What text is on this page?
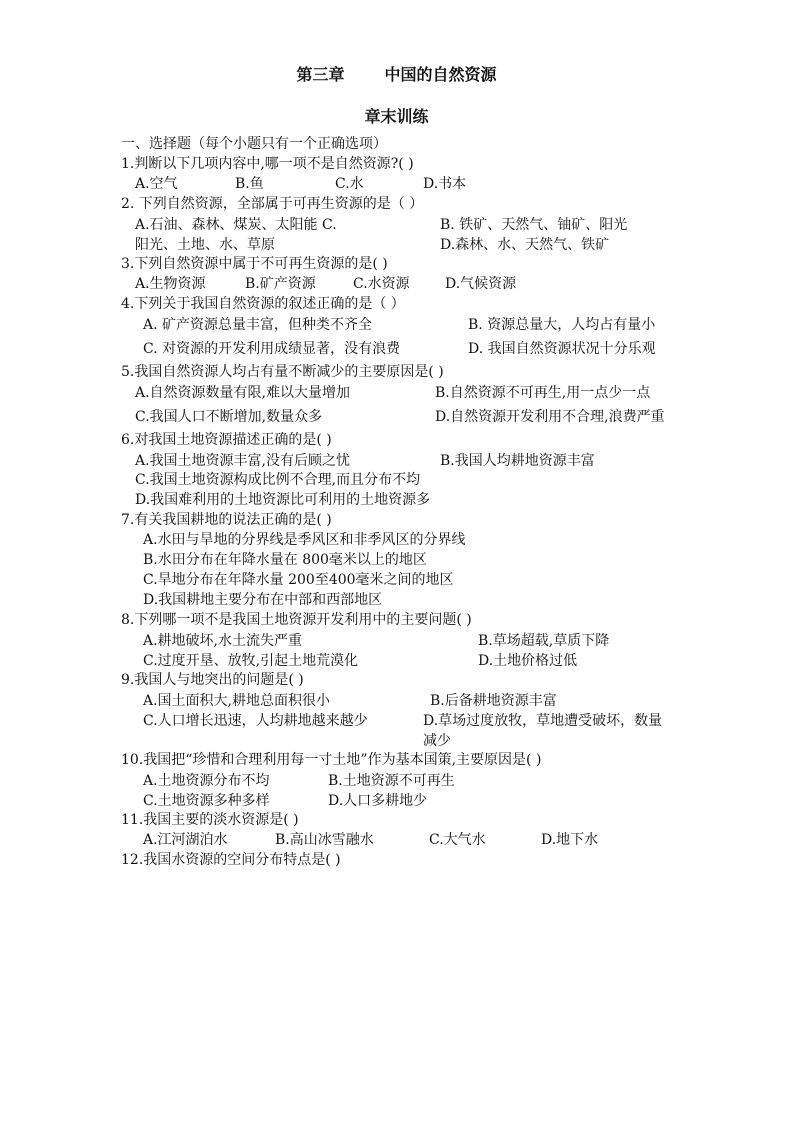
第三章	中国的自然资源
章末训练
一、选择题（每个小题只有一个正确选项）
1.判断以下几项内容中,哪一项不是自然资源?( )
A.空气	B.鱼	C.水	D.书本
2. 下列自然资源，全部属于可再生资源的是（ ）
A.石油、森林、煤炭、太阳能 C.	B. 铁矿、天然气、铀矿、阳光
阳光、土地、水、草原	D.森林、水、天然气、铁矿
3.下列自然资源中属于不可再生资源的是( )
A.生物资源	B.矿产资源	C.水资源	D.气候资源
4.下列关于我国自然资源的叙述正确的是（ ）
A. 矿产资源总量丰富，但种类不齐全	B. 资源总量大，人均占有量小
C. 对资源的开发利用成绩显著，没有浪费	D. 我国自然资源状况十分乐观
5.我国自然资源人均占有量不断减少的主要原因是( )
A.自然资源数量有限,难以大量增加	B.自然资源不可再生,用一点少一点
C.我国人口不断增加,数量众多	D.自然资源开发利用不合理,浪费严重
6.对我国土地资源描述正确的是( )
A.我国土地资源丰富,没有后顾之忧	B.我国人均耕地资源丰富
C.我国土地资源构成比例不合理,而且分布不均
D.我国难利用的土地资源比可利用的土地资源多
7.有关我国耕地的说法正确的是( )
A.水田与旱地的分界线是季风区和非季风区的分界线
B.水田分布在年降水量在 800毫米以上的地区
C.旱地分布在年降水量 200至400毫米之间的地区
D.我国耕地主要分布在中部和西部地区
8.下列哪一项不是我国土地资源开发利用中的主要问题( )
A.耕地破坏,水土流失严重	B.草场超载,草质下降
C.过度开垦、放牧,引起土地荒漠化	D.土地价格过低
9.我国人与地突出的问题是( )
A.国土面积大,耕地总面积很小	B.后备耕地资源丰富
C.人口增长迅速，人均耕地越来越少	D.草场过度放牧，草地遭受破坏，数量减少
10.我国把“珍惜和合理利用每一寸土地”作为基本国策,主要原因是( )
A.土地资源分布不均	B.土地资源不可再生
C.土地资源多种多样	D.人口多耕地少
11.我国主要的淡水资源是( )
A.江河湖泊水	B.高山冰雪融水	C.大气水	D.地下水
12.我国水资源的空间分布特点是( )
